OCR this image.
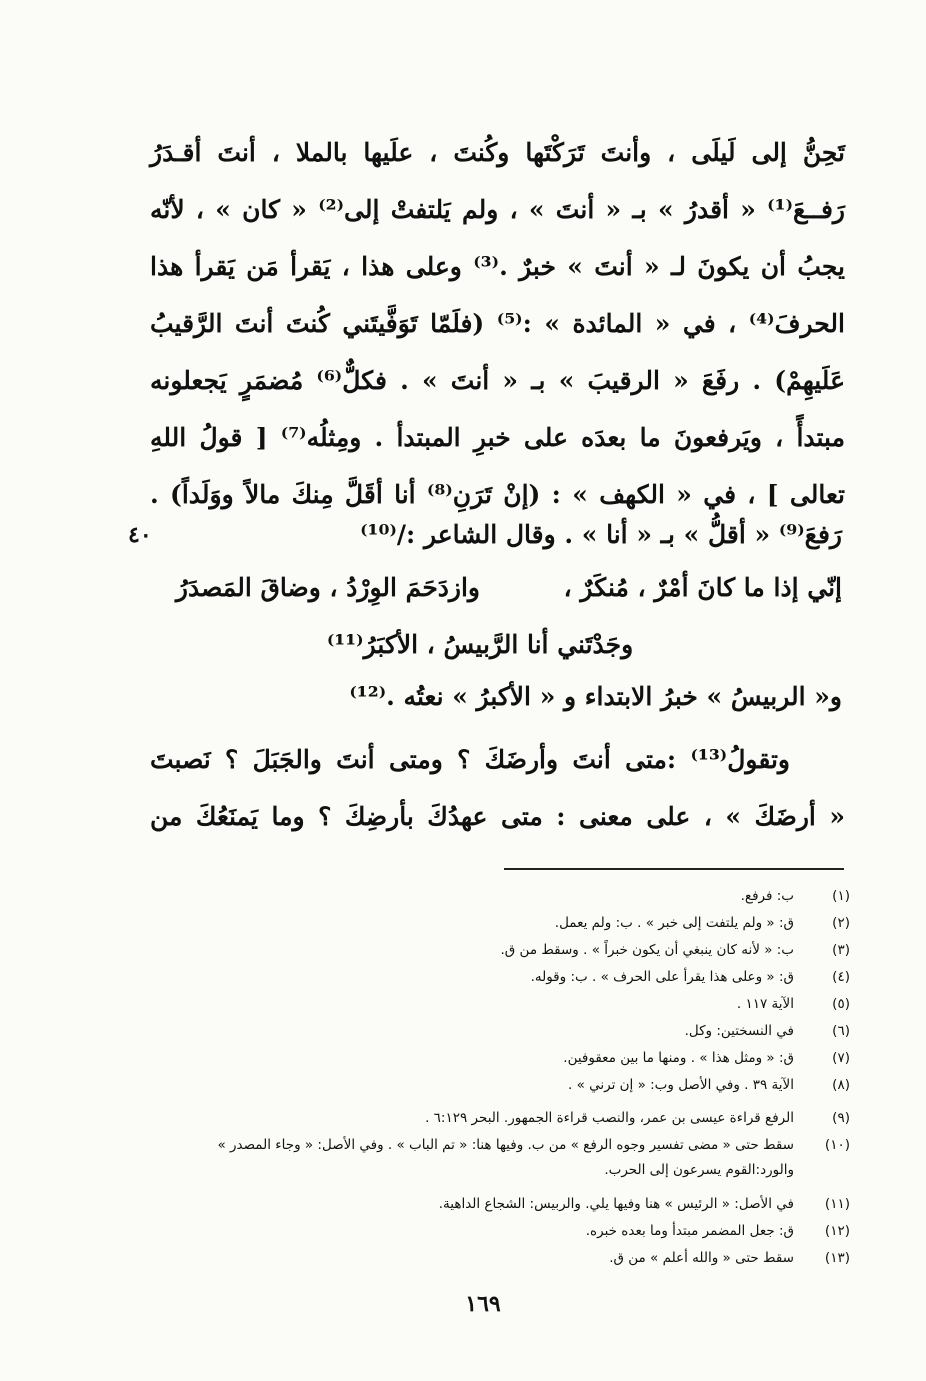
تَحِنُّ إلى لَيلَى ، وأنتَ تَرَكْتَها وكُنتَ ، علَيها بالملا ، أنتَ أقـدَرُ
رَفــعَ⁽¹⁾ « أقدرُ » بـ « أنتَ » ، ولم يَلتفتْ إلى⁽²⁾ « كان » ، لأنّه
يجبُ أن يكونَ لـ « أنتَ » خبرٌ .⁽³⁾ وعلى هذا ، يَقرأ مَن يَقرأ هذا
الحرفَ⁽⁴⁾ ، في « المائدة » :⁽⁵⁾ (فلَمّا تَوَفَّيتَني كُنتَ أنتَ الرَّقيبُ
عَلَيهِمْ) . رفَعَ « الرقيبَ » بـ « أنتَ » . فكلٌّ⁽⁶⁾ مُضمَرٍ يَجعلونه
مبتدأً ، ويَرفعونَ ما بعدَه على خبرِ المبتدأ . ومِثلُه⁽⁷⁾ [ قولُ اللهِ
تعالى ] ، في « الكهف » : (إنْ تَرَنِ⁽⁸⁾ أنا أقَلَّ مِنكَ مالاً ووَلَداً) .
رَفعَ⁽⁹⁾ « أقلُّ » بـ « أنا » . وقال الشاعر :/⁽¹⁰⁾
٤٠
إنّي إذا ما كانَ أمْرٌ ، مُنكَرٌ ،
وازدَحَمَ الوِرْدُ ، وضاقَ المَصدَرُ
وجَدْتَني أنا الرَّبيسُ ، الأكبَرُ⁽¹¹⁾
و« الربيسُ » خبرُ الابتداء و « الأكبرُ » نعتُه .⁽¹²⁾
وتقولُ⁽¹³⁾ :متى أنتَ وأرضَكَ ؟ ومتى أنتَ والجَبَلَ ؟ نَصبتَ
« أرضَكَ » ، على معنى : متى عهدُكَ بأرضِكَ ؟ وما يَمنَعُكَ من
(١)
ب: فرفع.
(٢)
ق: « ولم يلتفت إلى خبر » . ب: ولم يعمل.
(٣)
ب: « لأنه كان ينبغي أن يكون خبراً » . وسقط من ق.
(٤)
ق: « وعلى هذا يقرأ على الحرف » . ب: وقوله.
(٥)
الآية ١١٧ .
(٦)
في النسختين: وكل.
(٧)
ق: « ومثل هذا » . ومنها ما بين معقوفين.
(٨)
الآية ٣٩ . وفي الأصل وب: « إن ترني » .
(٩)
الرفع قراءة عيسى بن عمر، والنصب قراءة الجمهور. البحر ٦:١٢٩ .
(١٠)
سقط حتى « مضى تفسير وجوه الرفع » من ب. وفيها هنا: « تم الباب » . وفي الأصل: « وجاء المصدر »
والورد:القوم يسرعون إلى الحرب.
(١١)
في الأصل: « الرئيس » هنا وفيها يلي. والربيس: الشجاع الداهية.
(١٢)
ق: جعل المضمر مبتدأ وما بعده خبره.
(١٣)
سقط حتى « والله أعلم » من ق.
١٦٩
